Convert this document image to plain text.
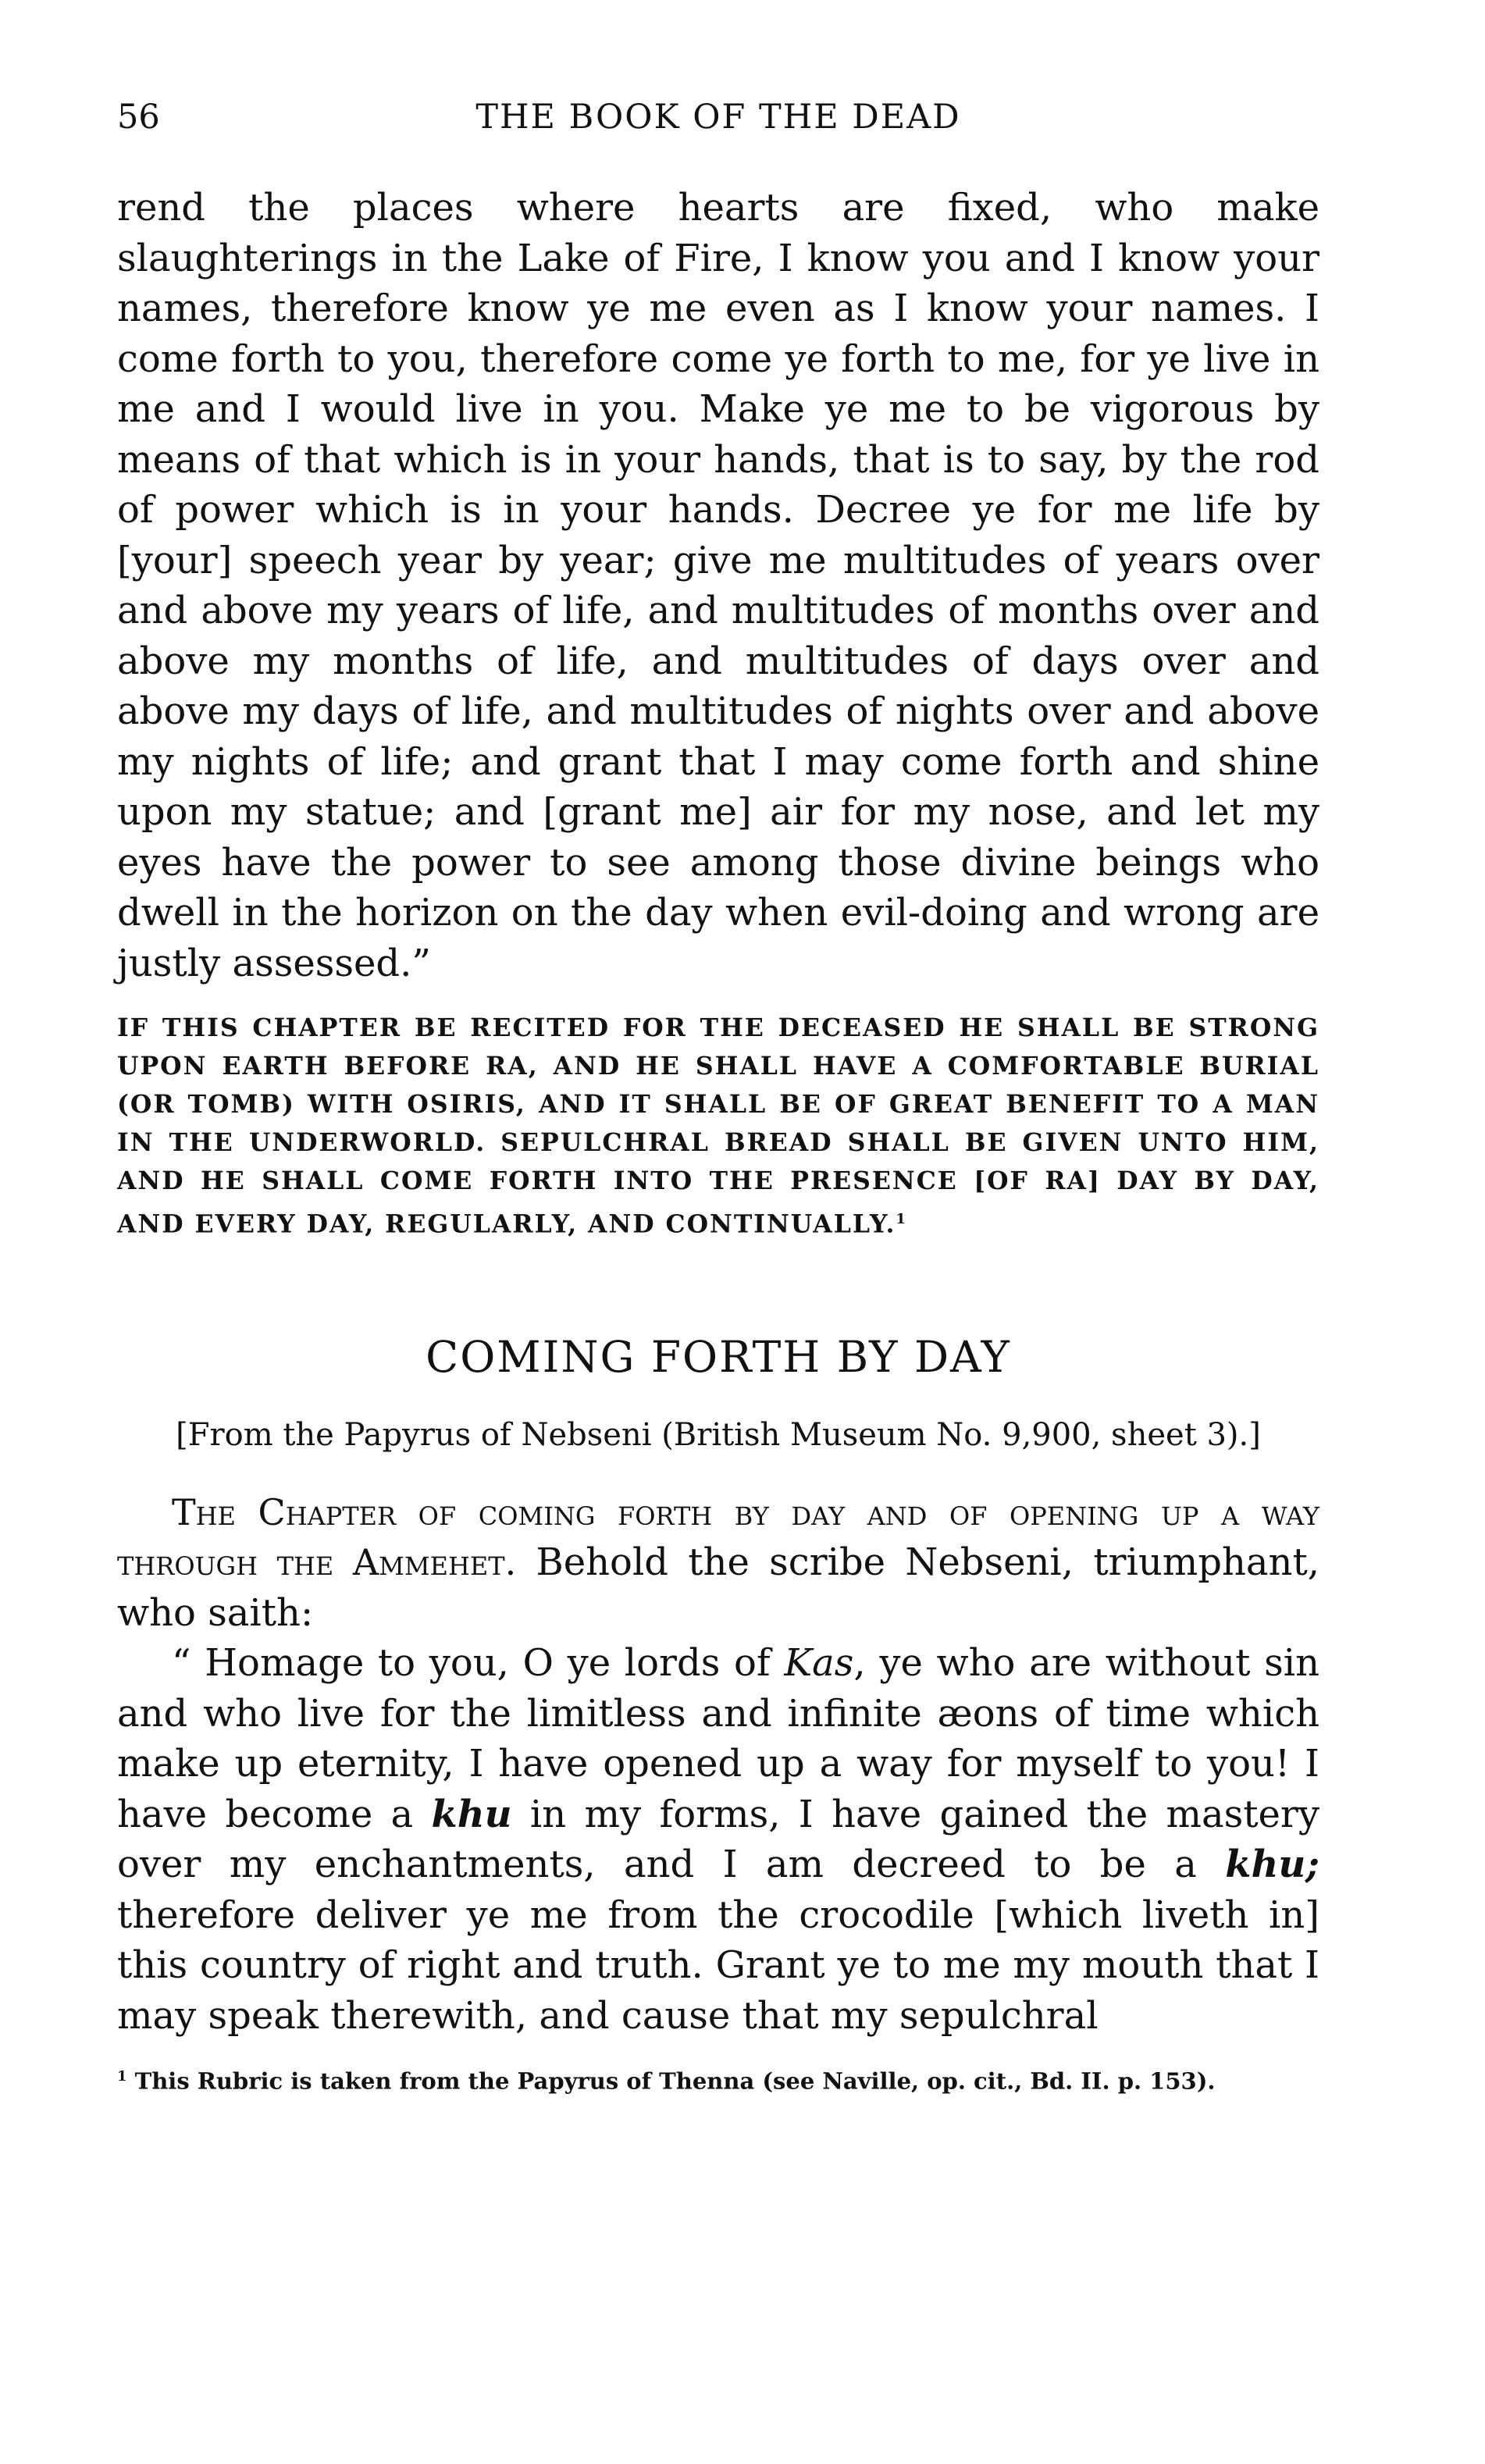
56	THE BOOK OF THE DEAD

rend the places where hearts are fixed, who make slaughterings in the Lake of Fire, I know you and I know your names, therefore know ye me even as I know your names. I come forth to you, therefore come ye forth to me, for ye live in me and I would live in you. Make ye me to be vigorous by means of that which is in your hands, that is to say, by the rod of power which is in your hands. Decree ye for me life by [your] speech year by year; give me multitudes of years over and above my years of life, and multitudes of months over and above my months of life, and multitudes of days over and above my days of life, and multitudes of nights over and above my nights of life; and grant that I may come forth and shine upon my statue; and [grant me] air for my nose, and let my eyes have the power to see among those divine beings who dwell in the horizon on the day when evil-doing and wrong are justly assessed.”

IF THIS CHAPTER BE RECITED FOR THE DECEASED HE SHALL BE STRONG UPON EARTH BEFORE RA, AND HE SHALL HAVE A COMFORTABLE BURIAL (OR TOMB) WITH OSIRIS, AND IT SHALL BE OF GREAT BENEFIT TO A MAN IN THE UNDERWORLD. SEPULCHRAL BREAD SHALL BE GIVEN UNTO HIM, AND HE SHALL COME FORTH INTO THE PRESENCE [OF RA] DAY BY DAY, AND EVERY DAY, REGULARLY, AND CONTINUALLY.$^1$
COMING FORTH BY DAY
[From the Papyrus of Nebseni (British Museum No. 9,900, sheet 3).]

The Chapter of coming forth by day and of opening up a way through the Ammehet. Behold the scribe Nebseni, triumphant, who saith:

“ Homage to you, O ye lords of Kas, ye who are without sin and who live for the limitless and infinite æons of time which make up eternity, I have opened up a way for myself to you! I have become a khu in my forms, I have gained the mastery over my enchantments, and I am decreed to be a khu; therefore deliver ye me from the crocodile [which liveth in] this country of right and truth. Grant ye to me my mouth that I may speak therewith, and cause that my sepulchral

$^1$ This Rubric is taken from the Papyrus of Thenna (see Naville, op. cit., Bd. II. p. 153).
